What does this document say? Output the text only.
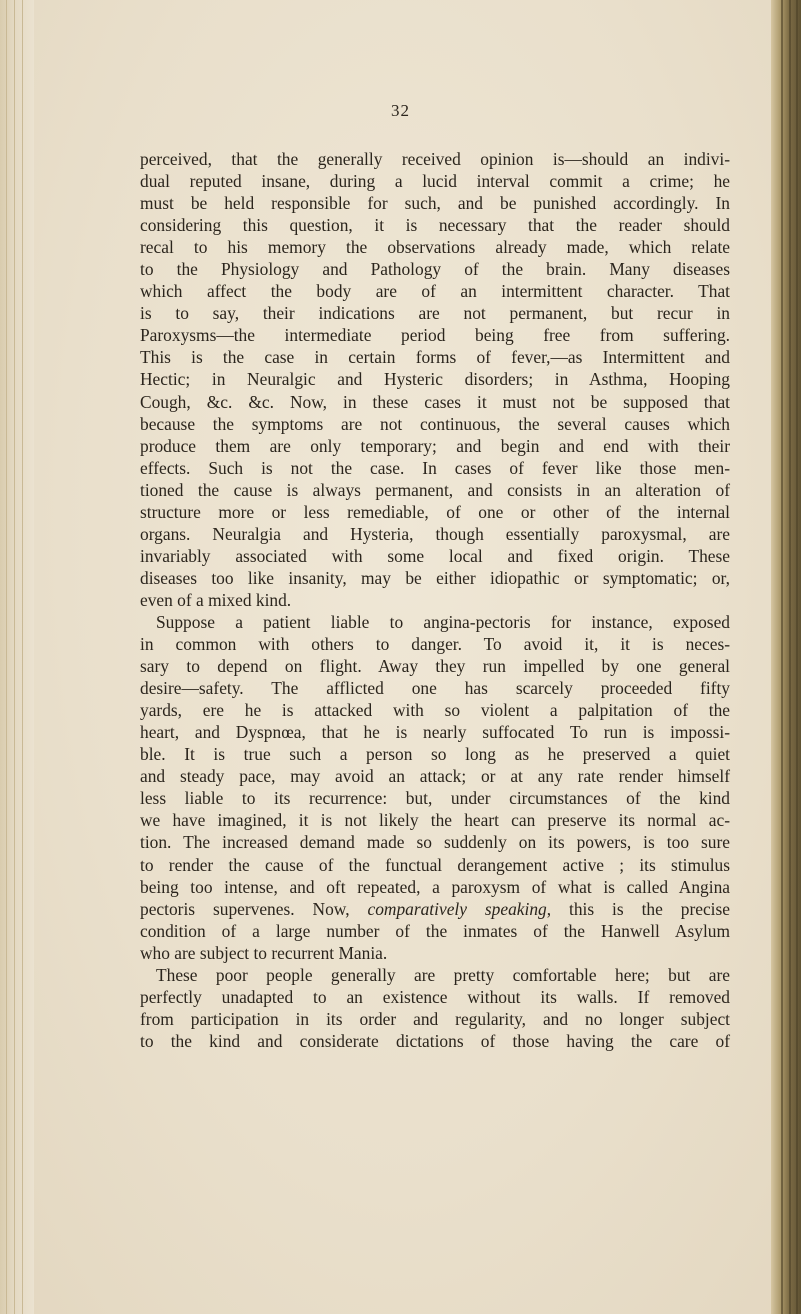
32
perceived, that the generally received opinion is—should an indivi-
dual reputed insane, during a lucid interval commit a crime; he
must be held responsible for such, and be punished accordingly. In
considering this question, it is necessary that the reader should
recal to his memory the observations already made, which relate
to the Physiology and Pathology of the brain. Many diseases
which affect the body are of an intermittent character. That
is to say, their indications are not permanent, but recur in
Paroxysms—the intermediate period being free from suffering.
This is the case in certain forms of fever,—as Intermittent and
Hectic; in Neuralgic and Hysteric disorders; in Asthma, Hooping
Cough, &c. &c. Now, in these cases it must not be supposed that
because the symptoms are not continuous, the several causes which
produce them are only temporary; and begin and end with their
effects. Such is not the case. In cases of fever like those men-
tioned the cause is always permanent, and consists in an alteration of
structure more or less remediable, of one or other of the internal
organs. Neuralgia and Hysteria, though essentially paroxysmal, are
invariably associated with some local and fixed origin. These
diseases too like insanity, may be either idiopathic or symptomatic; or,
even of a mixed kind.
Suppose a patient liable to angina-pectoris for instance, exposed
in common with others to danger. To avoid it, it is neces-
sary to depend on flight. Away they run impelled by one general
desire—safety. The afflicted one has scarcely proceeded fifty
yards, ere he is attacked with so violent a palpitation of the
heart, and Dyspnœa, that he is nearly suffocated To run is impossi-
ble. It is true such a person so long as he preserved a quiet
and steady pace, may avoid an attack; or at any rate render himself
less liable to its recurrence: but, under circumstances of the kind
we have imagined, it is not likely the heart can preserve its normal ac-
tion. The increased demand made so suddenly on its powers, is too sure
to render the cause of the functual derangement active ; its stimulus
being too intense, and oft repeated, a paroxysm of what is called Angina
pectoris supervenes. Now, comparatively speaking, this is the precise
condition of a large number of the inmates of the Hanwell Asylum
who are subject to recurrent Mania.
These poor people generally are pretty comfortable here; but are
perfectly unadapted to an existence without its walls. If removed
from participation in its order and regularity, and no longer subject
to the kind and considerate dictations of those having the care of
